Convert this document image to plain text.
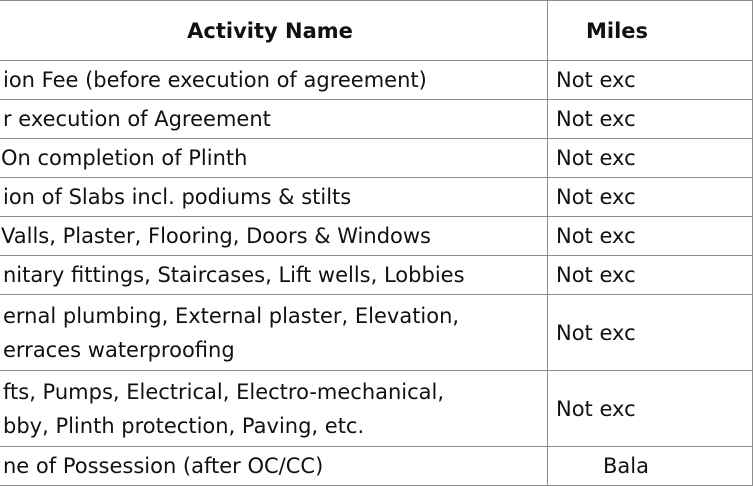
Activity Name	Miles
ion Fee (before execution of agreement)	Not exc
r execution of Agreement	Not exc
On completion of Plinth	Not exc
ion of Slabs incl. podiums & stilts	Not exc
Valls, Plaster, Flooring, Doors & Windows	Not exc
nitary fittings, Staircases, Lift wells, Lobbies	Not exc

ernal plumbing, External plaster, Elevation,
erraces waterproofing	Not exc

fts, Pumps, Electrical, Electro-mechanical,
bby, Plinth protection, Paving, etc.	Not exc
ne of Possession (after OC/CC)	Bala
